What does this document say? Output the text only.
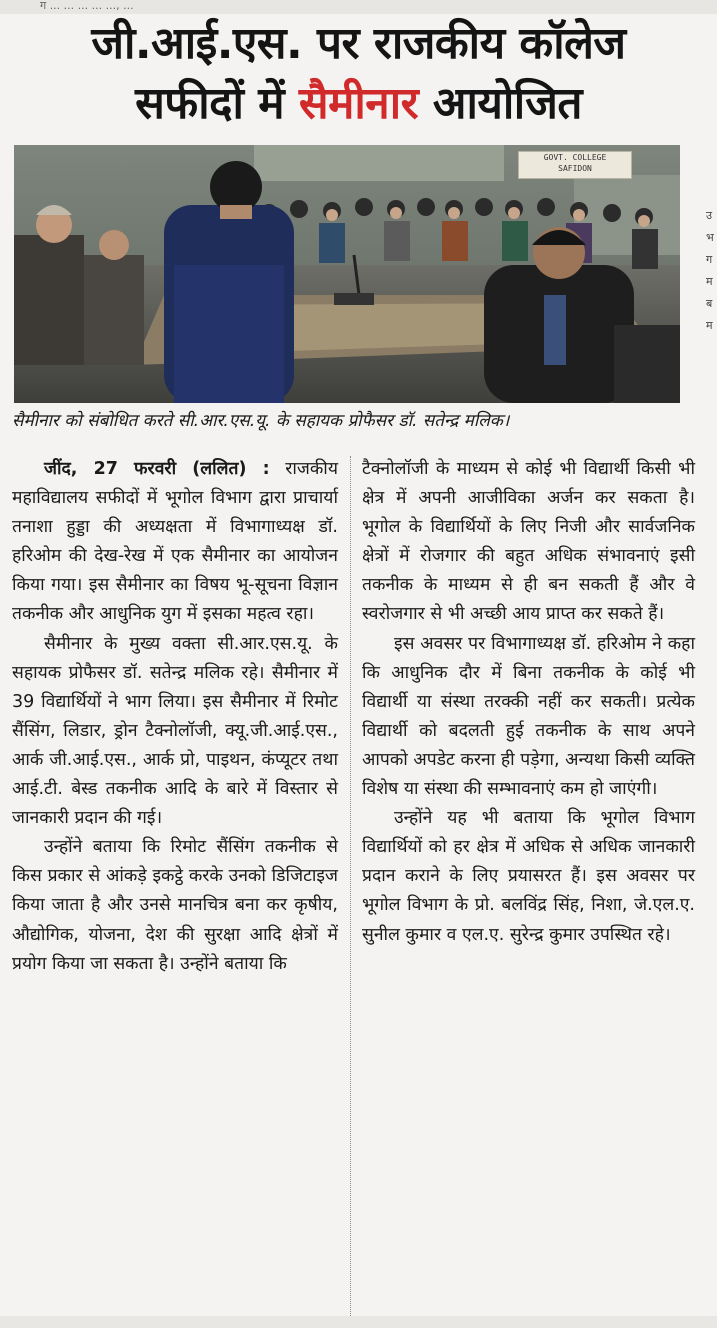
ग ... ... ... ... ..., ...
जी.आई.एस. पर राजकीय कॉलेज
सफीदों में सैमीनार आयोजित
GOVT. COLLEGE
SAFIDON
उ
भ
ग
म
ब
म
सैमीनार को संबोधित करते सी.आर.एस.यू. के सहायक प्रोफैसर डॉ. सतेन्द्र मलिक।

जींद, 27 फरवरी (ललित) : राजकीय महाविद्यालय सफीदों में भूगोल विभाग द्वारा प्राचार्या तनाशा हुड्डा की अध्यक्षता में विभागाध्यक्ष डॉ. हरिओम की देख-रेख में एक सैमीनार का आयोजन किया गया। इस सैमीनार का विषय भू-सूचना विज्ञान तकनीक और आधुनिक युग में इसका महत्व रहा।

सैमीनार के मुख्य वक्ता सी.आर.एस.यू. के सहायक प्रोफैसर डॉ. सतेन्द्र मलिक रहे। सैमीनार में 39 विद्यार्थियों ने भाग लिया। इस सैमीनार में रिमोट सैंसिंग, लिडार, ड्रोन टैक्नोलॉजी, क्यू.जी.आई.एस., आर्क जी.आई.एस., आर्क प्रो, पाइथन, कंप्यूटर तथा आई.टी. बेस्ड तकनीक आदि के बारे में विस्तार से जानकारी प्रदान की गई।

उन्होंने बताया कि रिमोट सैंसिंग तकनीक से किस प्रकार से आंकड़े इकट्ठे करके उनको डिजिटाइज किया जाता है और उनसे मानचित्र बना कर कृषीय, औद्योगिक, योजना, देश की सुरक्षा आदि क्षेत्रों में प्रयोग किया जा सकता है। उन्होंने बताया कि

टैक्नोलॉजी के माध्यम से कोई भी विद्यार्थी किसी भी क्षेत्र में अपनी आजीविका अर्जन कर सकता है। भूगोल के विद्यार्थियों के लिए निजी और सार्वजनिक क्षेत्रों में रोजगार की बहुत अधिक संभावनाएं इसी तकनीक के माध्यम से ही बन सकती हैं और वे स्वरोजगार से भी अच्छी आय प्राप्त कर सकते हैं।

इस अवसर पर विभागाध्यक्ष डॉ. हरिओम ने कहा कि आधुनिक दौर में बिना तकनीक के कोई भी विद्यार्थी या संस्था तरक्की नहीं कर सकती। प्रत्येक विद्यार्थी को बदलती हुई तकनीक के साथ अपने आपको अपडेट करना ही पड़ेगा, अन्यथा किसी व्यक्ति विशेष या संस्था की सम्भावनाएं कम हो जाएंगी।

उन्होंने यह भी बताया कि भूगोल विभाग विद्यार्थियों को हर क्षेत्र में अधिक से अधिक जानकारी प्रदान कराने के लिए प्रयासरत हैं। इस अवसर पर भूगोल विभाग के प्रो. बलविंद्र सिंह, निशा, जे.एल.ए. सुनील कुमार व एल.ए. सुरेन्द्र कुमार उपस्थित रहे।
